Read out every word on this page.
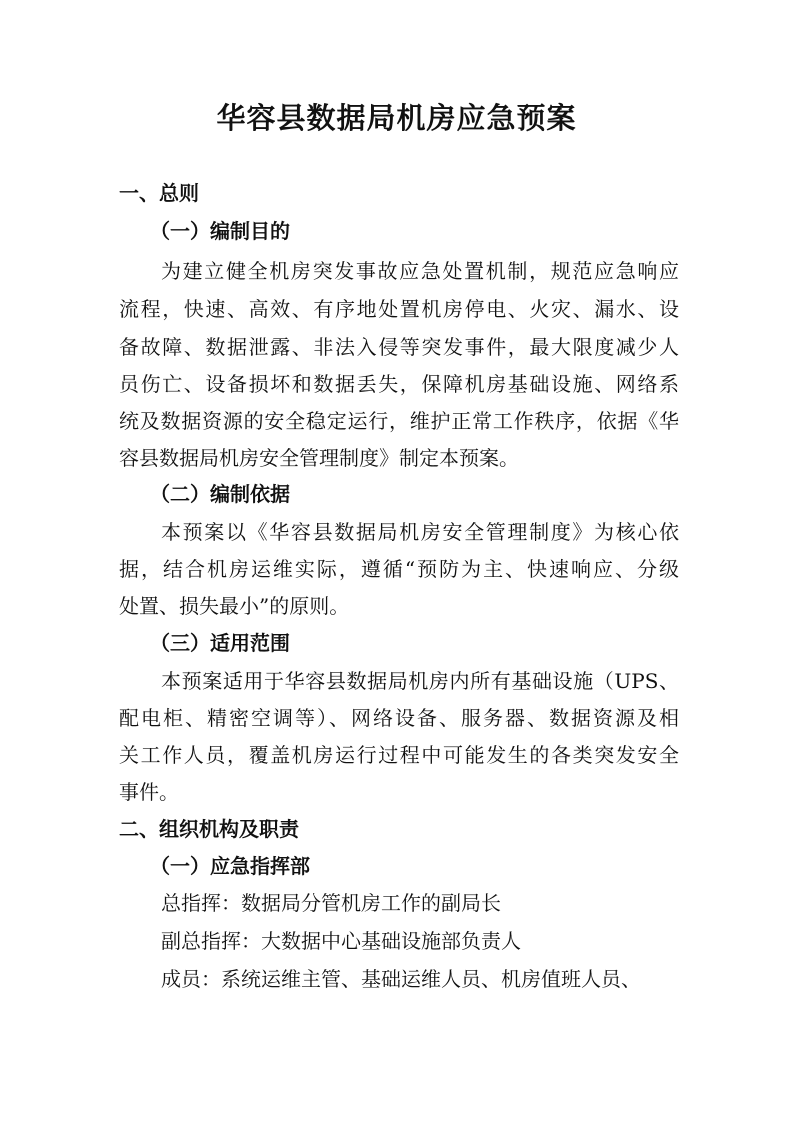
华容县数据局机房应急预案
一、总则
（一）编制目的
为建立健全机房突发事故应急处置机制，规范应急响应
流程，快速、高效、有序地处置机房停电、火灾、漏水、设
备故障、数据泄露、非法入侵等突发事件，最大限度减少人
员伤亡、设备损坏和数据丢失，保障机房基础设施、网络系
统及数据资源的安全稳定运行，维护正常工作秩序，依据《华
容县数据局机房安全管理制度》制定本预案。
（二）编制依据
本预案以《华容县数据局机房安全管理制度》为核心依
据，结合机房运维实际，遵循“预防为主、快速响应、分级
处置、损失最小”的原则。
（三）适用范围
本预案适用于华容县数据局机房内所有基础设施（UPS、
配电柜、精密空调等）、网络设备、服务器、数据资源及相
关工作人员，覆盖机房运行过程中可能发生的各类突发安全
事件。
二、组织机构及职责
（一）应急指挥部
总指挥：数据局分管机房工作的副局长
副总指挥：大数据中心基础设施部负责人
成员：系统运维主管、基础运维人员、机房值班人员、
